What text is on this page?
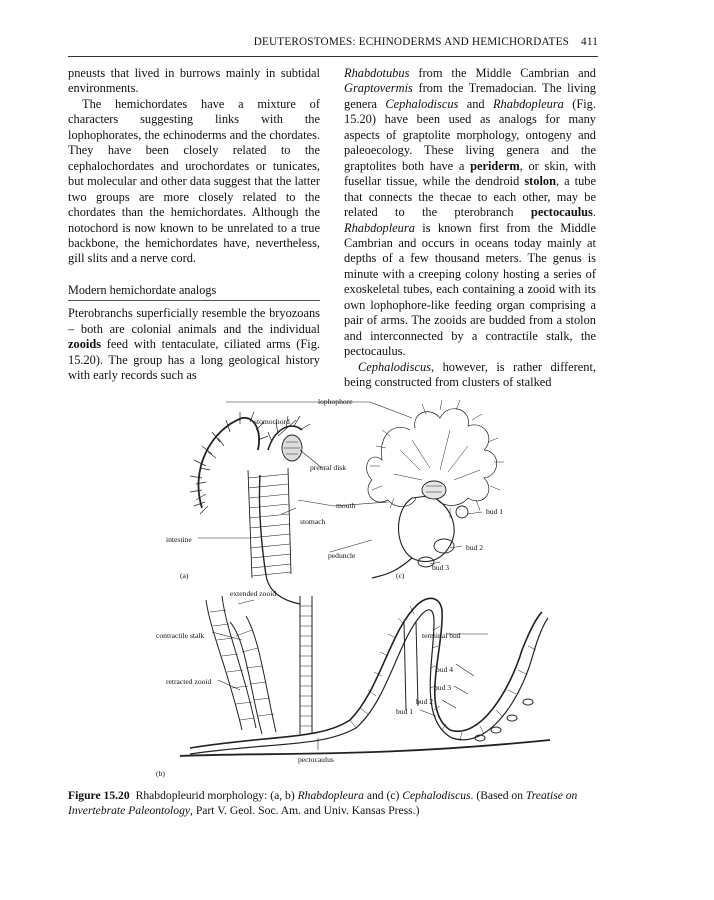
DEUTEROSTOMES: ECHINODERMS AND HEMICHORDATES 411

pneusts that lived in burrows mainly in subtidal environments.

The hemichordates have a mixture of characters suggesting links with the lophophorates, the echinoderms and the chordates. They have been closely related to the cephalochordates and urochordates or tunicates, but molecular and other data suggest that the latter two groups are more closely related to the chordates than the hemichordates. Although the notochord is now known to be unrelated to a true backbone, the hemichordates have, nevertheless, gill slits and a nerve cord.

Modern hemichordate analogs

Pterobranchs superficially resemble the bryozoans – both are colonial animals and the individual zooids feed with tentaculate, ciliated arms (Fig. 15.20). The group has a long geological history with early records such as

Rhabdotubus from the Middle Cambrian and Graptovermis from the Tremadocian. The living genera Cephalodiscus and Rhabdopleura (Fig. 15.20) have been used as analogs for many aspects of graptolite morphology, ontogeny and paleoecology. These living genera and the graptolites both have a periderm, or skin, with fusellar tissue, while the dendroid stolon, a tube that connects the thecae to each other, may be related to the pterobranch pectocaulus. Rhabdopleura is known first from the Middle Cambrian and occurs in oceans today mainly at depths of a few thousand meters. The genus is minute with a creeping colony hosting a series of exoskeletal tubes, each containing a zooid with its own lophophore-like feeding organ comprising a pair of arms. The zooids are budded from a stolon and interconnected by a contractile stalk, the pectocaulus.

Cephalodiscus, however, is rather different, being constructed from clusters of stalked

lophophore
stomochord
preoral disk
mouth
stomach
intestine
peduncle
(a)	(c)
bud 1
bud 2
bud 3
extended zooid
contractile stalk
retracted zooid
terminal bud
bud 4
bud 3
bud 2
bud 1
pectocaulus
(b)
Figure 15.20 Rhabdopleurid morphology: (a, b) Rhabdopleura and (c) Cephalodiscus. (Based on Treatise on Invertebrate Paleontology, Part V. Geol. Soc. Am. and Univ. Kansas Press.)
